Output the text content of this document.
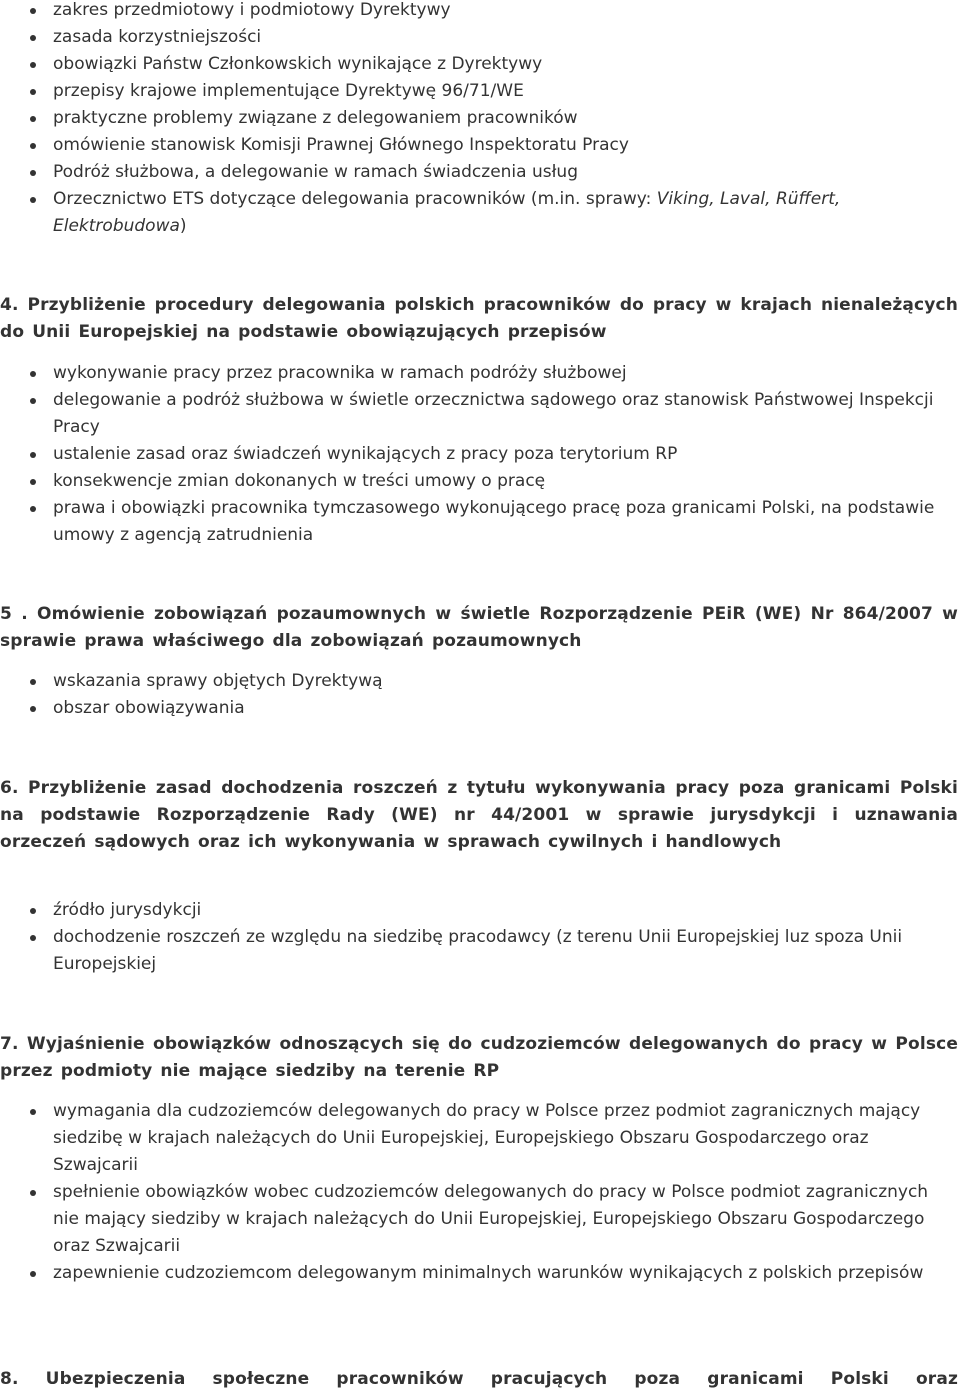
zakres przedmiotowy i podmiotowy Dyrektywy
zasada korzystniejszości
obowiązki Państw Członkowskich wynikające z Dyrektywy
przepisy krajowe implementujące Dyrektywę 96/71/WE
praktyczne problemy związane z delegowaniem pracowników
omówienie stanowisk Komisji Prawnej Głównego Inspektoratu Pracy
Podróż służbowa, a delegowanie w ramach świadczenia usług
Orzecznictwo ETS dotyczące delegowania pracowników (m.in. sprawy: Viking, Laval, Rüffert, Elektrobudowa)

4. Przybliżenie procedury delegowania polskich pracowników do pracy w krajach nienależących do Unii Europejskiej na podstawie obowiązujących przepisów

wykonywanie pracy przez pracownika w ramach podróży służbowej
delegowanie a podróż służbowa w świetle orzecznictwa sądowego oraz stanowisk Państwowej Inspekcji Pracy
ustalenie zasad oraz świadczeń wynikających z pracy poza terytorium RP
konsekwencje zmian dokonanych w treści umowy o pracę
prawa i obowiązki pracownika tymczasowego wykonującego pracę poza granicami Polski, na podstawie umowy z agencją zatrudnienia

5 . Omówienie zobowiązań pozaumownych w świetle Rozporządzenie PEiR (WE) Nr 864/2007 w sprawie prawa właściwego dla zobowiązań pozaumownych

wskazania sprawy objętych Dyrektywą
obszar obowiązywania

6. Przybliżenie zasad dochodzenia roszczeń z tytułu wykonywania pracy poza granicami Polski na podstawie Rozporządzenie Rady (WE) nr 44/2001 w sprawie jurysdykcji i uznawania orzeczeń sądowych oraz ich wykonywania w sprawach cywilnych i handlowych

źródło jurysdykcji
dochodzenie roszczeń ze względu na siedzibę pracodawcy (z terenu Unii Europejskiej luz spoza Unii Europejskiej

7. Wyjaśnienie obowiązków odnoszących się do cudzoziemców delegowanych do pracy w Polsce przez podmioty nie mające siedziby na terenie RP

wymagania dla cudzoziemców delegowanych do pracy w Polsce przez podmiot zagranicznych mający siedzibę w krajach należących do Unii Europejskiej, Europejskiego Obszaru Gospodarczego oraz Szwajcarii
spełnienie obowiązków wobec cudzoziemców delegowanych do pracy w Polsce podmiot zagranicznych nie mający siedziby w krajach należących do Unii Europejskiej, Europejskiego Obszaru Gospodarczego oraz Szwajcarii
zapewnienie cudzoziemcom delegowanym minimalnych warunków wynikających z polskich przepisów

8. Ubezpieczenia społeczne pracowników pracujących poza granicami Polski oraz
